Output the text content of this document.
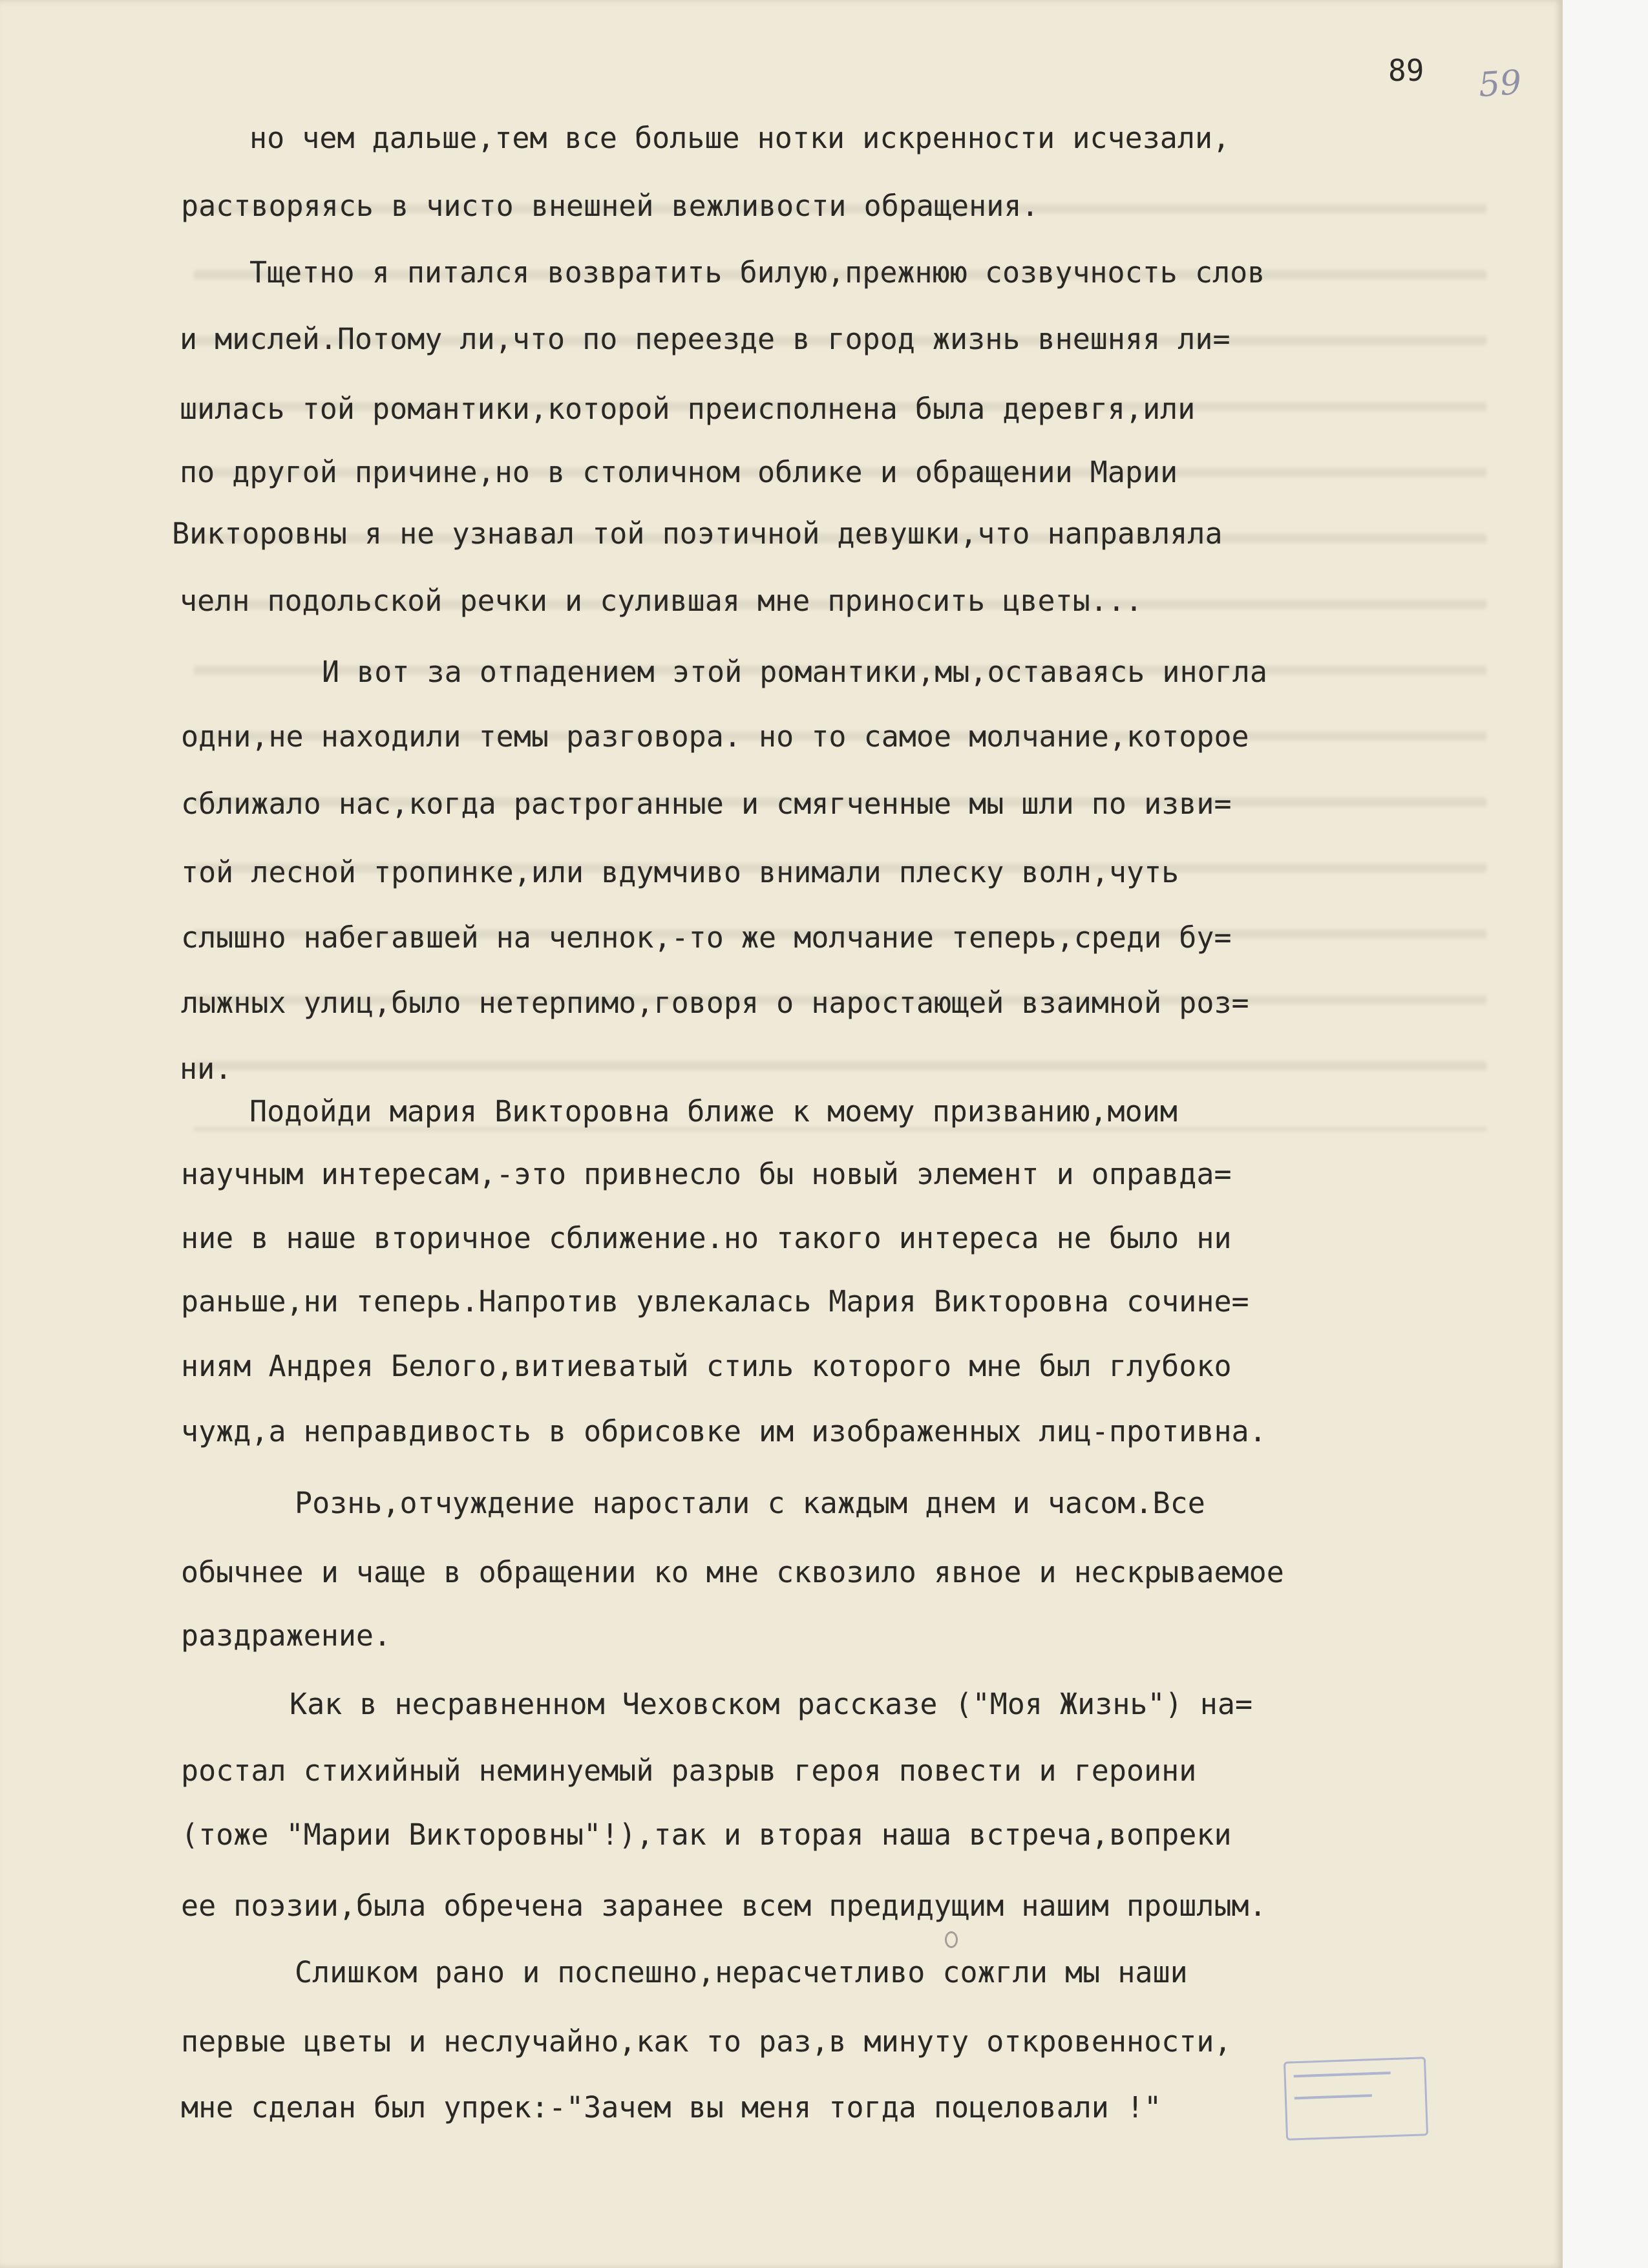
89 59
но чем дальше,тем все больше нотки искренности исчезали,
растворяясь в чисто внешней вежливости обращения.
Тщетно я питался возвратить билую,прежнюю созвучность слов
и мислей.Потому ли,что по переезде в город жизнь внешняя ли=
шилась той романтики,которой преисполнена была деревгя,или
по другой причине,но в столичном облике и обращении Марии
Викторовны я не узнавал той поэтичной девушки,что направляла
челн подольской речки и сулившая мне приносить цветы...
И вот за отпадением этой романтики,мы,оставаясь иногла
одни,не находили темы разговора. но то самое молчание,которое
сближало нас,когда растроганные и смягченные мы шли по изви=
той лесной тропинке,или вдумчиво внимали плеску волн,чуть
слышно набегавшей на челнок,-то же молчание теперь,среди бу=
лыжных улиц,было нетерпимо,говоря о наростающей взаимной роз=
ни.
Подойди мария Викторовна ближе к моему призванию,моим
научным интересам,-это привнесло бы новый элемент и оправда=
ние в наше вторичное сближение.но такого интереса не было ни
раньше,ни теперь.Напротив увлекалась Мария Викторовна сочине=
ниям Андрея Белого,витиеватый стиль которого мне был глубоко
чужд,а неправдивость в обрисовке им изображенных лиц-противна.
Рознь,отчуждение наростали с каждым днем и часом.Все
обычнее и чаще в обращении ко мне сквозило явное и нескрываемое
раздражение.
Как в несравненном Чеховском рассказе ("Моя Жизнь") на=
ростал стихийный неминуемый разрыв героя повести и героини
(тоже "Марии Викторовны"!),так и вторая наша встреча,вопреки
ее поэзии,была обречена заранее всем предидущим нашим прошлым.
Слишком рано и поспешно,нерасчетливо сожгли мы наши
первые цветы и неслучайно,как то раз,в минуту откровенности,
мне сделан был упрек:-"Зачем вы меня тогда поцеловали !"
